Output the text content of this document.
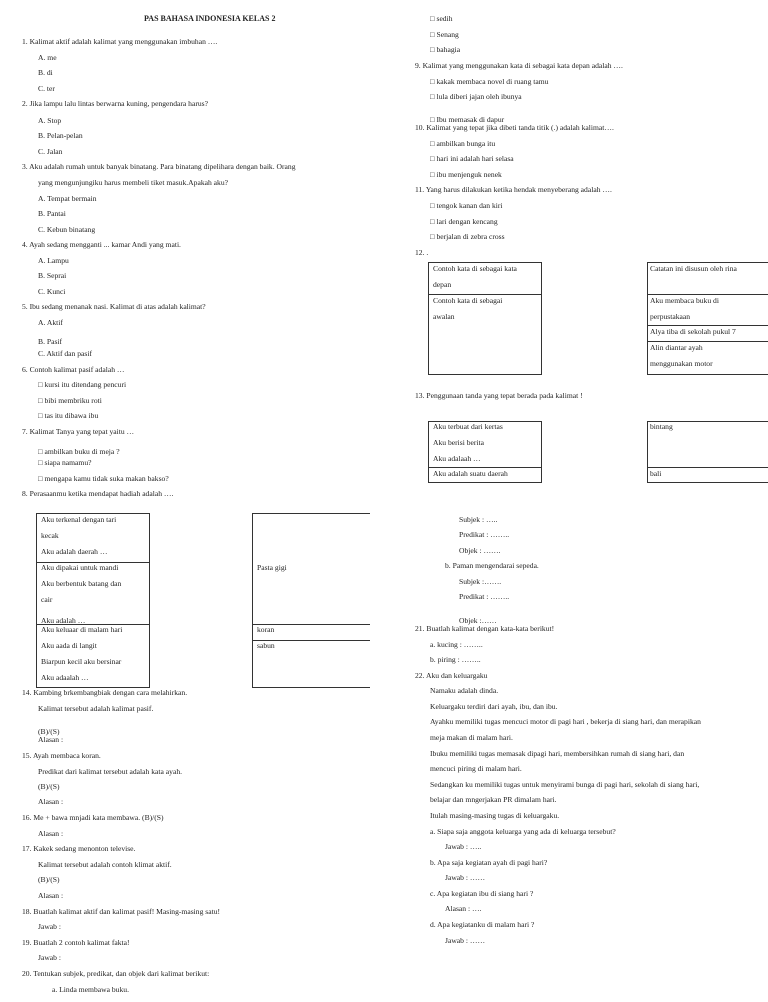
PAS BAHASA INDONESIA KELAS 2
1. Kalimat aktif adalah kalimat yang menggunakan imbuhan ….
A. me
B. di
C. ter
2. Jika lampu lalu lintas berwarna kuning, pengendara harus?
A. Stop
B. Pelan-pelan
C. Jalan
3. Aku adalah rumah untuk banyak binatang. Para binatang dipelihara dengan baik. Orang
yang mengunjungiku harus membeli tiket masuk.Apakah aku?
A. Tempat bermain
B. Pantai
C. Kebun binatang
4. Ayah sedang mengganti ... kamar Andi yang mati.
A. Lampu
B. Seprai
C. Kunci
5. Ibu sedang menanak nasi. Kalimat di atas adalah kalimat?
A. Aktif
B. Pasif
C. Aktif dan pasif
6. Contoh kalimat pasif adalah …
□ kursi itu ditendang pencuri
□ bibi membriku roti
□ tas itu dibawa ibu
7. Kalimat Tanya yang tepat yaitu …
□ ambilkan buku di meja ?
□ siapa namamu?
□ mengapa kamu tidak suka makan bakso?
8. Perasaanmu ketika mendapat hadiah adalah ….
Aku terkenal dengan tari
kecak
Aku adalah daerah …
Aku dipakai untuk mandi
Aku berbentuk batang dan
cair
Aku adalah …
Aku keluaar di malam hari
Aku aada di langit
Biarpun kecil aku bersinar
Aku adaalah …
Pasta gigi
koran
sabun
14. Kambing brkembangbiak dengan cara melahirkan.
Kalimat tersebut adalah kalimat pasif.
(B)/(S)
Alasan :
15. Ayah membaca koran.
Predikat dari kalimat tersebut adalah kata ayah.
(B)/(S)
Alasan :
16. Me + bawa mnjadi kata membawa. (B)/(S)
Alasan :
17. Kakek sedang menonton televise.
Kalimat tersebut adalah contoh klimat aktif.
(B)/(S)
Alasan :
18. Buatlah kalimat aktif dan kalimat pasif! Masing-masing satu!
Jawab :
19. Buatlah 2 contoh kalimat fakta!
Jawab :
20. Tentukan subjek, predikat, dan objek dari kalimat berikut:
a. Linda membawa buku.
□ sedih
□ Senang
□ bahagia
9. Kalimat yang menggunakan kata di sebagai kata depan adalah ….
□ kakak membaca novel di ruang tamu
□ lula diberi jajan oleh ibunya
□ Ibu memasak di dapur
10. Kalimat yang tepat jika dibeti tanda titik (.) adalah kalimat….
□ ambilkan bunga itu
□ hari ini adalah hari selasa
□ ibu menjenguk nenek
11. Yang harus dilakukan ketika hendak menyeberang adalah ….
□ tengok kanan dan kiri
□ lari dengan kencang
□ berjalan di zebra cross
12. .
Contoh kata di sebagai kata
depan
Contoh kata di sebagai
awalan
Catatan ini disusun oleh rina
Aku membaca buku di
perpustakaan
Alya tiba di sekolah pukul 7
Alin diantar ayah
menggunakan motor
13. Penggunaan tanda yang tepat berada pada kalimat !
Aku terbuat dari kertas
Aku berisi berita
Aku adalaah …
Aku adalah suatu daerah
bintang
bali
Subjek : …..
Predikat : ……..
Objek : …….
b. Paman mengendarai sepeda.
Subjek :…….
Predikat : ……..
Objek :……
21. Buatlah kalimat dengan kata-kata berikut!
a. kucing : ……..
b. piring : ……..
22. Aku dan keluargaku
Namaku adalah dinda.
Keluargaku terdiri dari ayah, ibu, dan ibu.
Ayahku memiliki tugas mencuci motor di pagi hari , bekerja di siang hari, dan merapikan
meja makan di malam hari.
Ibuku memiliki tugas memasak dipagi hari, membersihkan rumah di siang hari, dan
mencuci piring di malam hari.
Sedangkan ku memiliki tugas untuk menyirami bunga di pagi hari, sekolah di siang hari,
belajar dan mngerjakan PR dimalam hari.
Itulah masing-masing tugas di keluargaku.
a. Siapa saja anggota keluarga yang ada di keluarga tersebut?
Jawab : …..
b. Apa saja kegiatan ayah di pagi hari?
Jawab : ……
c. Apa kegiatan ibu di siang hari ?
Alasan : ….
d. Apa kegiatanku di malam hari ?
Jawab : ……
